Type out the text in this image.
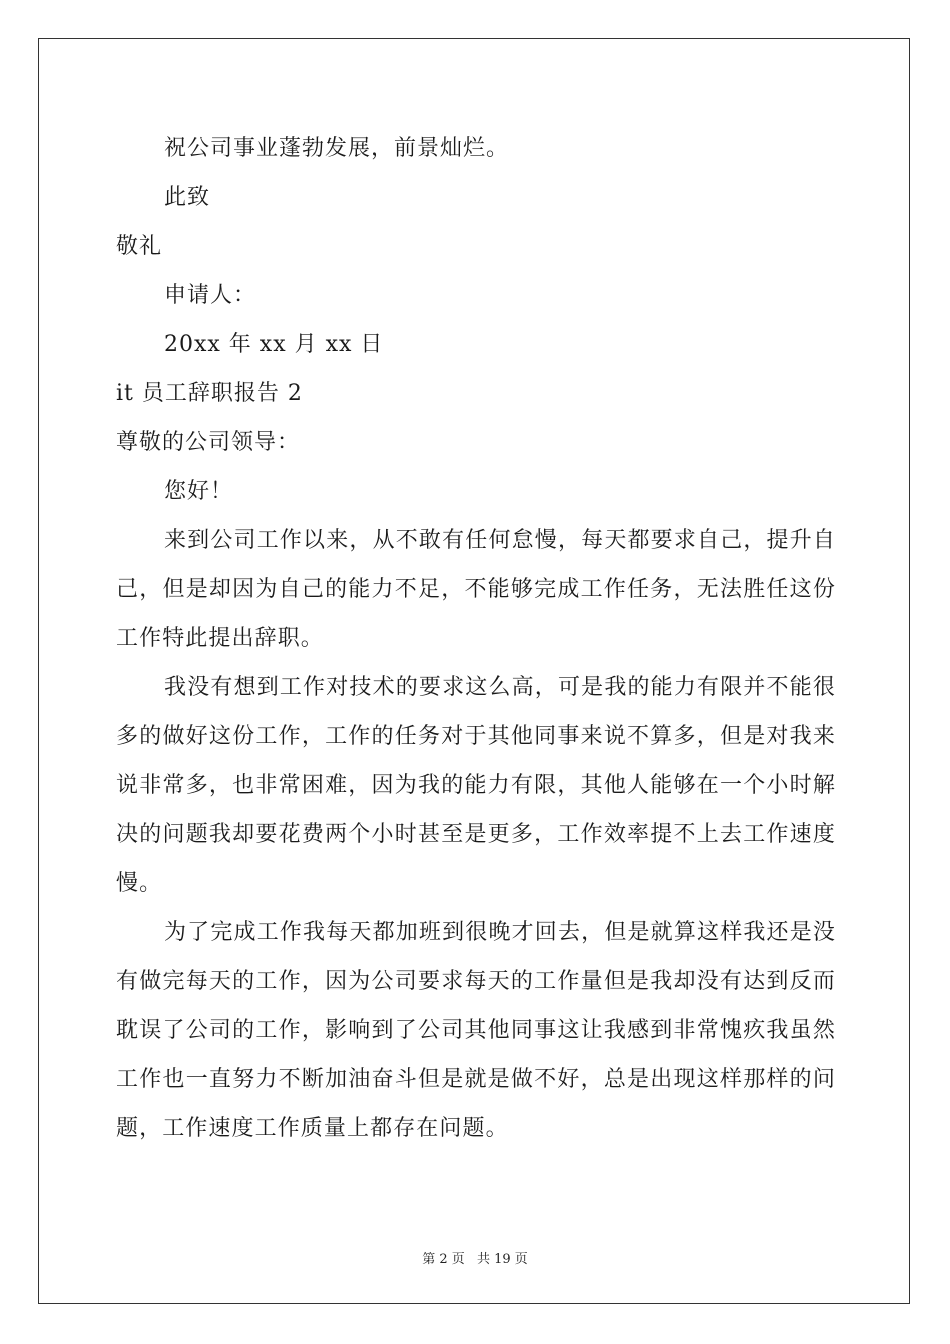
祝公司事业蓬勃发展，前景灿烂。
此致
敬礼
申请人：
20xx 年 xx 月 xx 日
it 员工辞职报告 2
尊敬的公司领导：
您好！

来到公司工作以来，从不敢有任何怠慢，每天都要求自己，提升自己，但是却因为自己的能力不足，不能够完成工作任务，无法胜任这份工作特此提出辞职。

我没有想到工作对技术的要求这么高，可是我的能力有限并不能很多的做好这份工作，工作的任务对于其他同事来说不算多，但是对我来说非常多，也非常困难，因为我的能力有限，其他人能够在一个小时解决的问题我却要花费两个小时甚至是更多，工作效率提不上去工作速度慢。

为了完成工作我每天都加班到很晚才回去，但是就算这样我还是没有做完每天的工作，因为公司要求每天的工作量但是我却没有达到反而耽误了公司的工作，影响到了公司其他同事这让我感到非常愧疚我虽然工作也一直努力不断加油奋斗但是就是做不好，总是出现这样那样的问题，工作速度工作质量上都存在问题。

第 2 页 共 19 页
